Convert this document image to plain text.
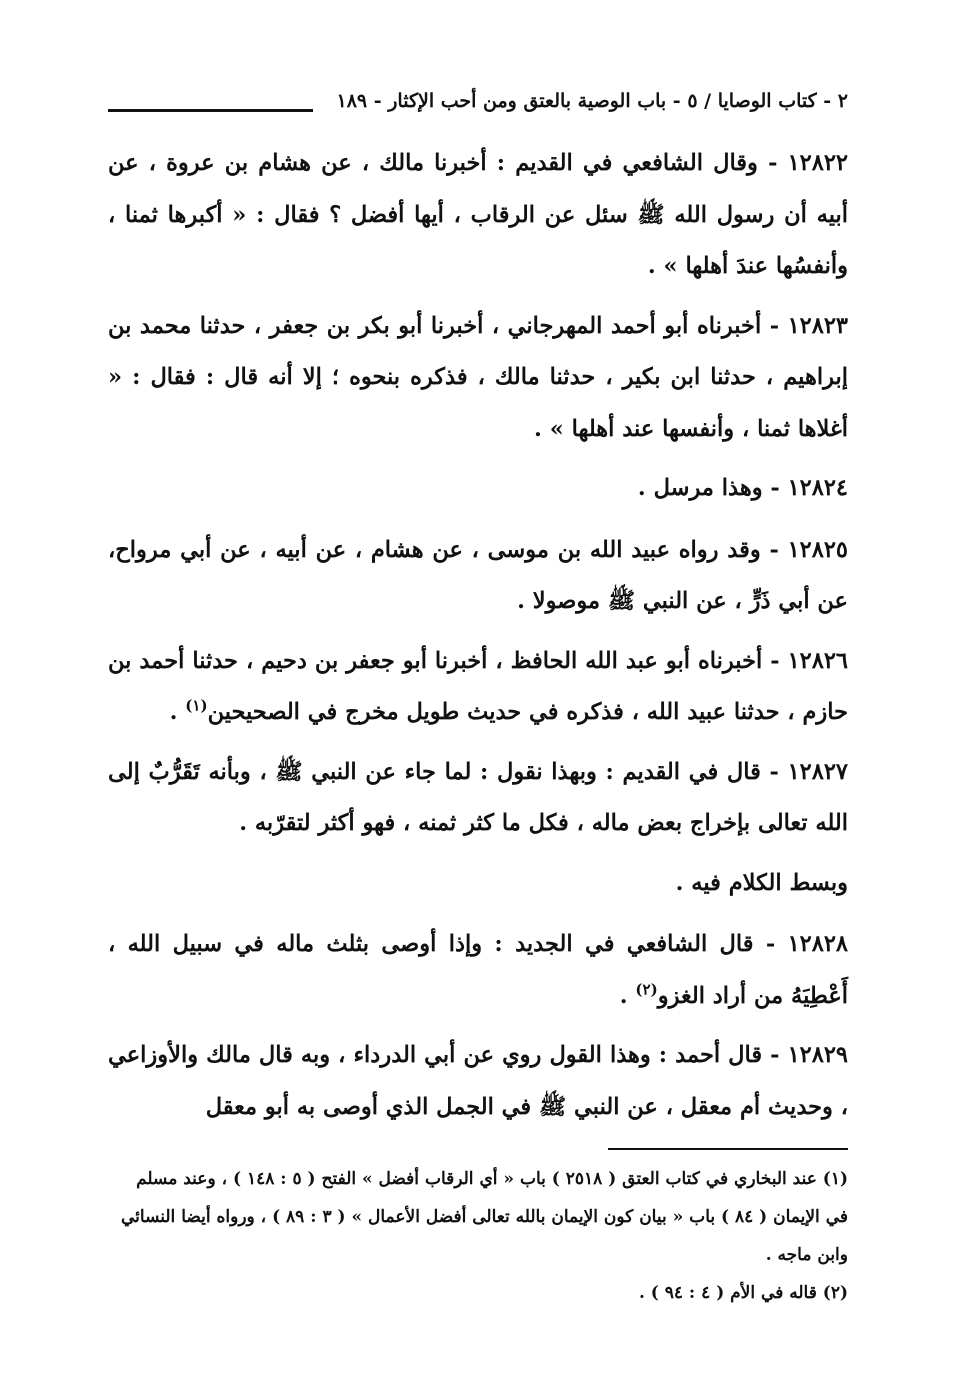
۲ - كتاب الوصايا / ٥ - باب الوصية بالعتق ومن أحب الإكثار - ۱۸۹

١٢٨٢٢ - وقال الشافعي في القديم : أخبرنا مالك ، عن هشام بن عروة ، عن أبيه أن رسول الله ﷺ سئل عن الرقاب ، أيها أفضل ؟ فقال : « أكبرها ثمنا ، وأنفسُها عندَ أهلها » .

١٢٨٢٣ - أخبرناه أبو أحمد المهرجاني ، أخبرنا أبو بكر بن جعفر ، حدثنا محمد بن إبراهيم ، حدثنا ابن بكير ، حدثنا مالك ، فذكره بنحوه ؛ إلا أنه قال : فقال : « أغلاها ثمنا ، وأنفسها عند أهلها » .

١٢٨٢٤ - وهذا مرسل .

١٢٨٢٥ - وقد رواه عبيد الله بن موسى ، عن هشام ، عن أبيه ، عن أبي مرواح، عن أبي ذَرٍّ ، عن النبي ﷺ موصولا .

١٢٨٢٦ - أخبرناه أبو عبد الله الحافظ ، أخبرنا أبو جعفر بن دحيم ، حدثنا أحمد بن حازم ، حدثنا عبيد الله ، فذكره في حديث طويل مخرج في الصحيحين$^{(١)}$ .

١٢٨٢٧ - قال في القديم : وبهذا نقول : لما جاء عن النبي ﷺ ، وبأنه تَقَرُّبٌ إلى الله تعالى بإخراج بعض ماله ، فكل ما كثر ثمنه ، فهو أكثر لتقرّبه .

وبسط الكلام فيه .

١٢٨٢٨ - قال الشافعي في الجديد : وإذا أوصى بثلث ماله في سبيل الله ، أَعْطِيَهُ من أراد الغزو$^{(٢)}$ .

١٢٨٢٩ - قال أحمد : وهذا القول روي عن أبي الدرداء ، وبه قال مالك والأوزاعي ، وحديث أم معقل ، عن النبي ﷺ في الجمل الذي أوصى به أبو معقل

(١) عند البخاري في كتاب العتق ( ٢٥١٨ ) باب « أي الرقاب أفضل » الفتح ( ٥ : ١٤٨ ) ، وعند مسلم في الإيمان ( ٨٤ ) باب « بيان كون الإيمان بالله تعالى أفضل الأعمال » ( ٣ : ٨٩ ) ، ورواه أيضا النسائي وابن ماجه .

(٢) قاله في الأم ( ٤ : ٩٤ ) .
